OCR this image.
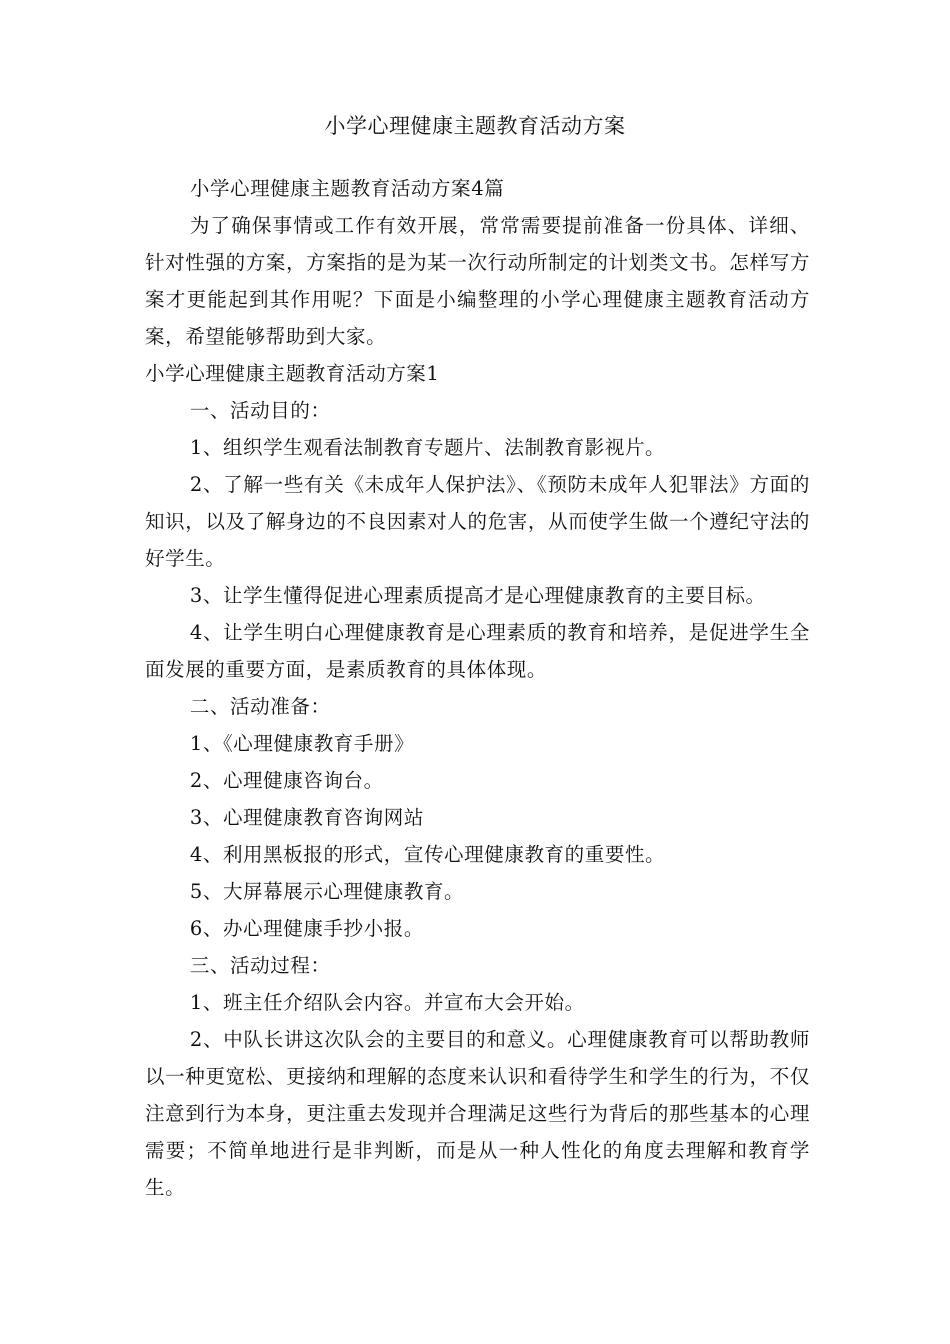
小学心理健康主题教育活动方案

小学心理健康主题教育活动方案4篇

为了确保事情或工作有效开展，常常需要提前准备一份具体、详细、针对性强的方案，方案指的是为某一次行动所制定的计划类文书。怎样写方案才更能起到其作用呢？下面是小编整理的小学心理健康主题教育活动方案，希望能够帮助到大家。

小学心理健康主题教育活动方案1

一、活动目的：

1、组织学生观看法制教育专题片、法制教育影视片。

2、了解一些有关《未成年人保护法》、《预防未成年人犯罪法》方面的知识，以及了解身边的不良因素对人的危害，从而使学生做一个遵纪守法的好学生。

3、让学生懂得促进心理素质提高才是心理健康教育的主要目标。

4、让学生明白心理健康教育是心理素质的教育和培养，是促进学生全面发展的重要方面，是素质教育的具体体现。

二、活动准备：

1、《心理健康教育手册》

2、心理健康咨询台。

3、心理健康教育咨询网站

4、利用黑板报的形式，宣传心理健康教育的重要性。

5、大屏幕展示心理健康教育。

6、办心理健康手抄小报。

三、活动过程：

1、班主任介绍队会内容。并宣布大会开始。

2、中队长讲这次队会的主要目的和意义。心理健康教育可以帮助教师以一种更宽松、更接纳和理解的态度来认识和看待学生和学生的行为，不仅注意到行为本身，更注重去发现并合理满足这些行为背后的那些基本的心理需要；不简单地进行是非判断，而是从一种人性化的角度去理解和教育学生。
